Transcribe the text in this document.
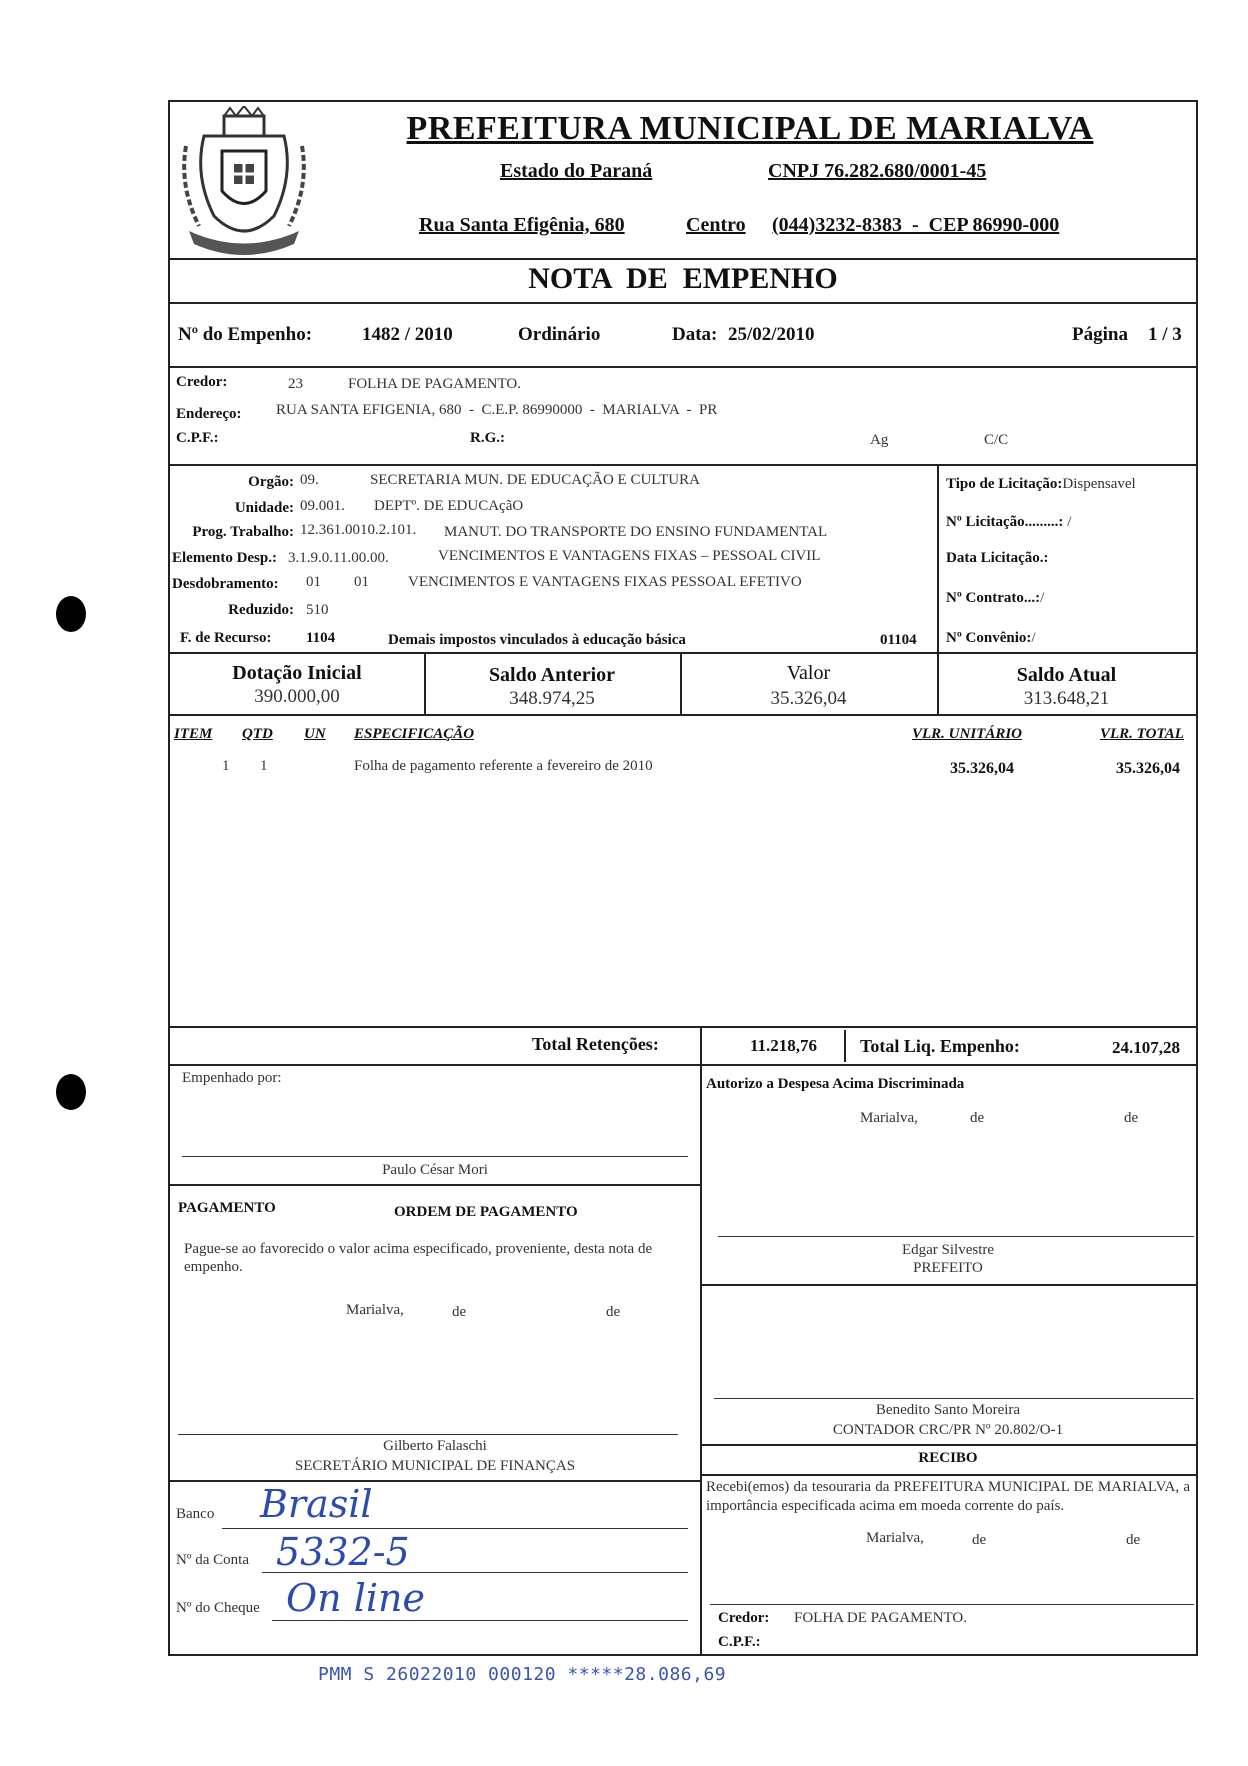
PREFEITURA MUNICIPAL DE MARIALVA
Estado do Paraná	CNPJ 76.282.680/0001-45
Rua Santa Efigênia, 680	Centro (044)3232-8383  -  CEP 86990-000
NOTA  DE  EMPENHO
Nº do Empenho:	1482 / 2010	Ordinário	Data: 25/02/2010	Página 1 / 3
Credor:	23	FOLHA DE PAGAMENTO.
Endereço: RUA SANTA EFIGENIA, 680  -  C.E.P. 86990000  -  MARIALVA  -  PR
C.P.F.:	R.G.:	Ag	C/C
Orgão: 09.	SECRETARIA MUN. DE EDUCAÇÃO E CULTURA
Unidade: 09.001. DEPTº. DE EDUCAçãO
Prog. Trabalho: 12.361.0010.2.101. MANUT. DO TRANSPORTE DO ENSINO FUNDAMENTAL
Elemento Desp.: 3.1.9.0.11.00.00.	VENCIMENTOS E VANTAGENS FIXAS – PESSOAL CIVIL
Desdobramento: 01 01	VENCIMENTOS E VANTAGENS FIXAS PESSOAL EFETIVO
Reduzido: 510
F. de Recurso: 1104	Demais impostos vinculados à educação básica	01104
Tipo de Licitação:Dispensavel
Nº Licitação.........: /
Data Licitação.:
Nº Contrato...:/
Nº Convênio:/
Dotação Inicial
390.000,00
Saldo Anterior
348.974,25
Valor
35.326,04
Saldo Atual
313.648,21
ITEM QTD UN ESPECIFICAÇÃO	VLR. UNITÁRIO	VLR. TOTAL
1 1	Folha de pagamento referente a fevereiro de 2010	35.326,04	35.326,04
Total Retenções:	11.218,76 Total Liq. Empenho:	24.107,28
Empenhado por:
Paulo César Mori
PAGAMENTO	ORDEM DE PAGAMENTO
Pague-se ao favorecido o valor acima especificado, proveniente, desta nota de empenho.
Marialva,	de	de
Gilberto Falaschi
SECRETÁRIO MUNICIPAL DE FINANÇAS
Banco Brasil
Nº da Conta 5332-5
Nº do Cheque On line
Autorizo a Despesa Acima Discriminada
Marialva,	de	de
Edgar Silvestre
PREFEITO
Benedito Santo Moreira
CONTADOR CRC/PR Nº 20.802/O-1
RECIBO
Recebi(emos) da tesouraria da PREFEITURA MUNICIPAL DE MARIALVA, a importância especificada acima em moeda corrente do país.
Marialva,	de	de
Credor: FOLHA DE PAGAMENTO.
C.P.F.:
PMM S 26022010 000120 *****28.086,69
